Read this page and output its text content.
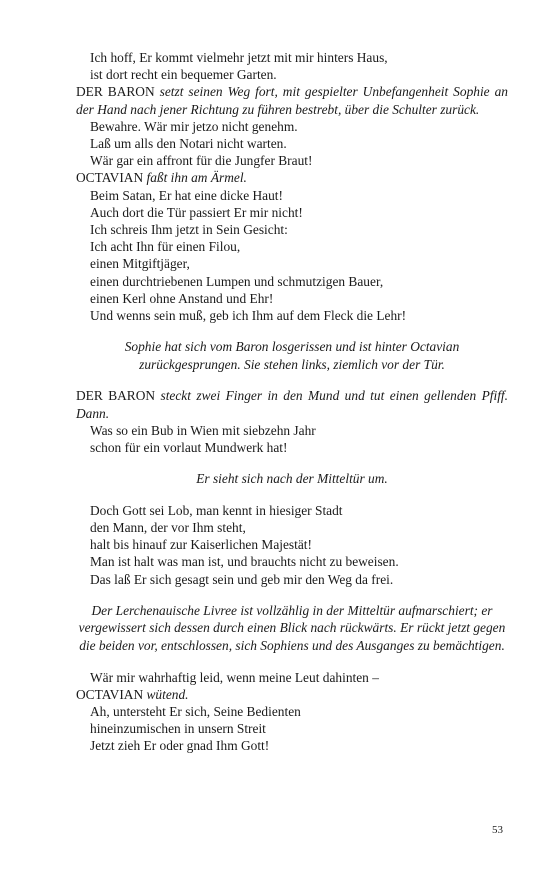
Ich hoff, Er kommt vielmehr jetzt mit mir hinters Haus,
ist dort recht ein bequemer Garten.
DER BARON setzt seinen Weg fort, mit gespielter Unbefangenheit Sophie an der Hand nach jener Richtung zu führen bestrebt, über die Schulter zurück.
Bewahre. Wär mir jetzo nicht genehm.
Laß um alls den Notari nicht warten.
Wär gar ein affront für die Jungfer Braut!
OCTAVIAN faßt ihn am Ärmel.
Beim Satan, Er hat eine dicke Haut!
Auch dort die Tür passiert Er mir nicht!
Ich schreis Ihm jetzt in Sein Gesicht:
Ich acht Ihn für einen Filou,
einen Mitgiftjäger,
einen durchtriebenen Lumpen und schmutzigen Bauer,
einen Kerl ohne Anstand und Ehr!
Und wenns sein muß, geb ich Ihm auf dem Fleck die Lehr!
Sophie hat sich vom Baron losgerissen und ist hinter Octavian zurückgesprungen. Sie stehen links, ziemlich vor der Tür.
DER BARON steckt zwei Finger in den Mund und tut einen gellenden Pfiff. Dann.
Was so ein Bub in Wien mit siebzehn Jahr
schon für ein vorlaut Mundwerk hat!
Er sieht sich nach der Mitteltür um.
Doch Gott sei Lob, man kennt in hiesiger Stadt
den Mann, der vor Ihm steht,
halt bis hinauf zur Kaiserlichen Majestät!
Man ist halt was man ist, und brauchts nicht zu beweisen.
Das laß Er sich gesagt sein und geb mir den Weg da frei.
Der Lerchenauische Livree ist vollzählig in der Mitteltür aufmarschiert; er vergewissert sich dessen durch einen Blick nach rückwärts. Er rückt jetzt gegen die beiden vor, entschlossen, sich Sophiens und des Ausganges zu bemächtigen.
Wär mir wahrhaftig leid, wenn meine Leut dahinten –
OCTAVIAN wütend.
Ah, untersteht Er sich, Seine Bedienten
hineinzumischen in unsern Streit
Jetzt zieh Er oder gnad Ihm Gott!
53
